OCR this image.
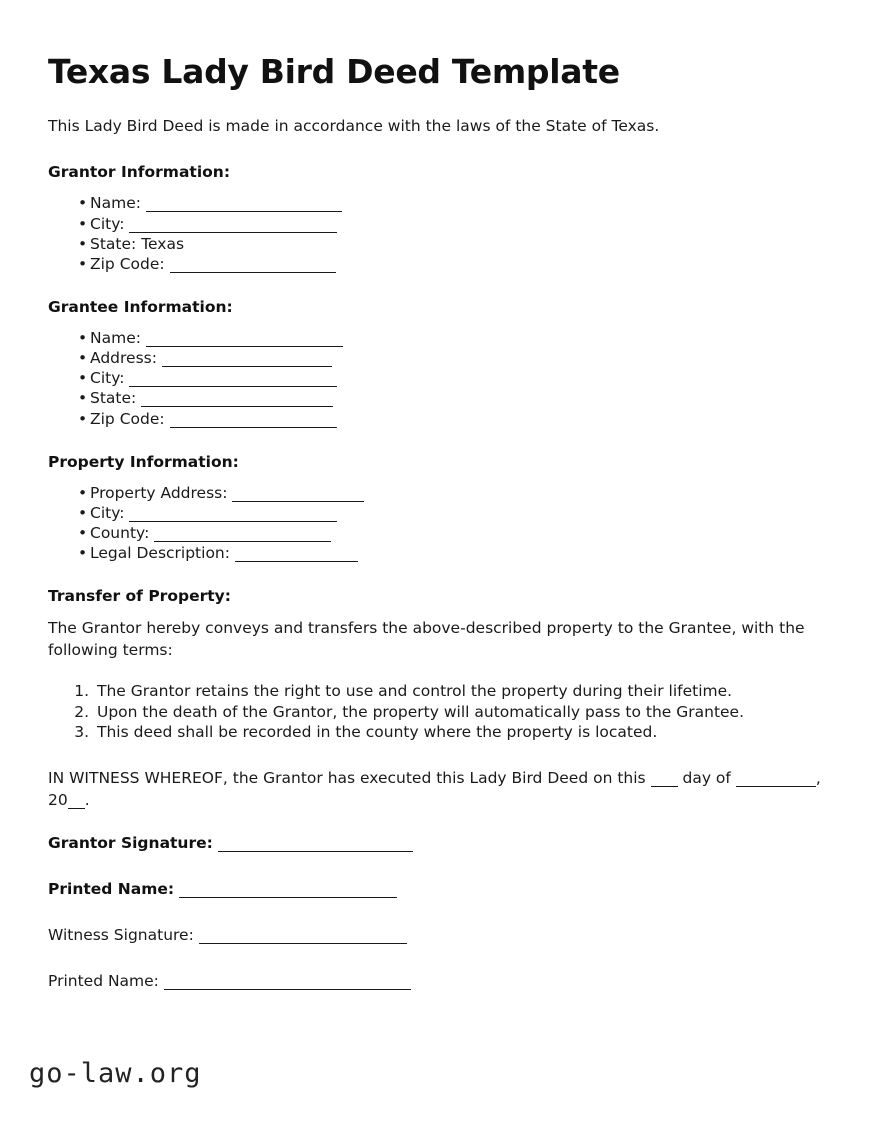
Texas Lady Bird Deed Template

This Lady Bird Deed is made in accordance with the laws of the State of Texas.

Grantor Information:
• Name:
• City:
• State: Texas
• Zip Code:
Grantee Information:
• Name:
• Address:
• City:
• State:
• Zip Code:
Property Information:
• Property Address:
• City:
• County:
• Legal Description:
Transfer of Property:

The Grantor hereby conveys and transfers the above-described property to the Grantee, with the following terms:

1. The Grantor retains the right to use and control the property during their lifetime.
2. Upon the death of the Grantor, the property will automatically pass to the Grantee.
3. This deed shall be recorded in the county where the property is located.

IN WITNESS WHEREOF, the Grantor has executed this Lady Bird Deed on this day of	, 20 .

Grantor Signature:

Printed Name:

Witness Signature:

Printed Name:

go-law.org
